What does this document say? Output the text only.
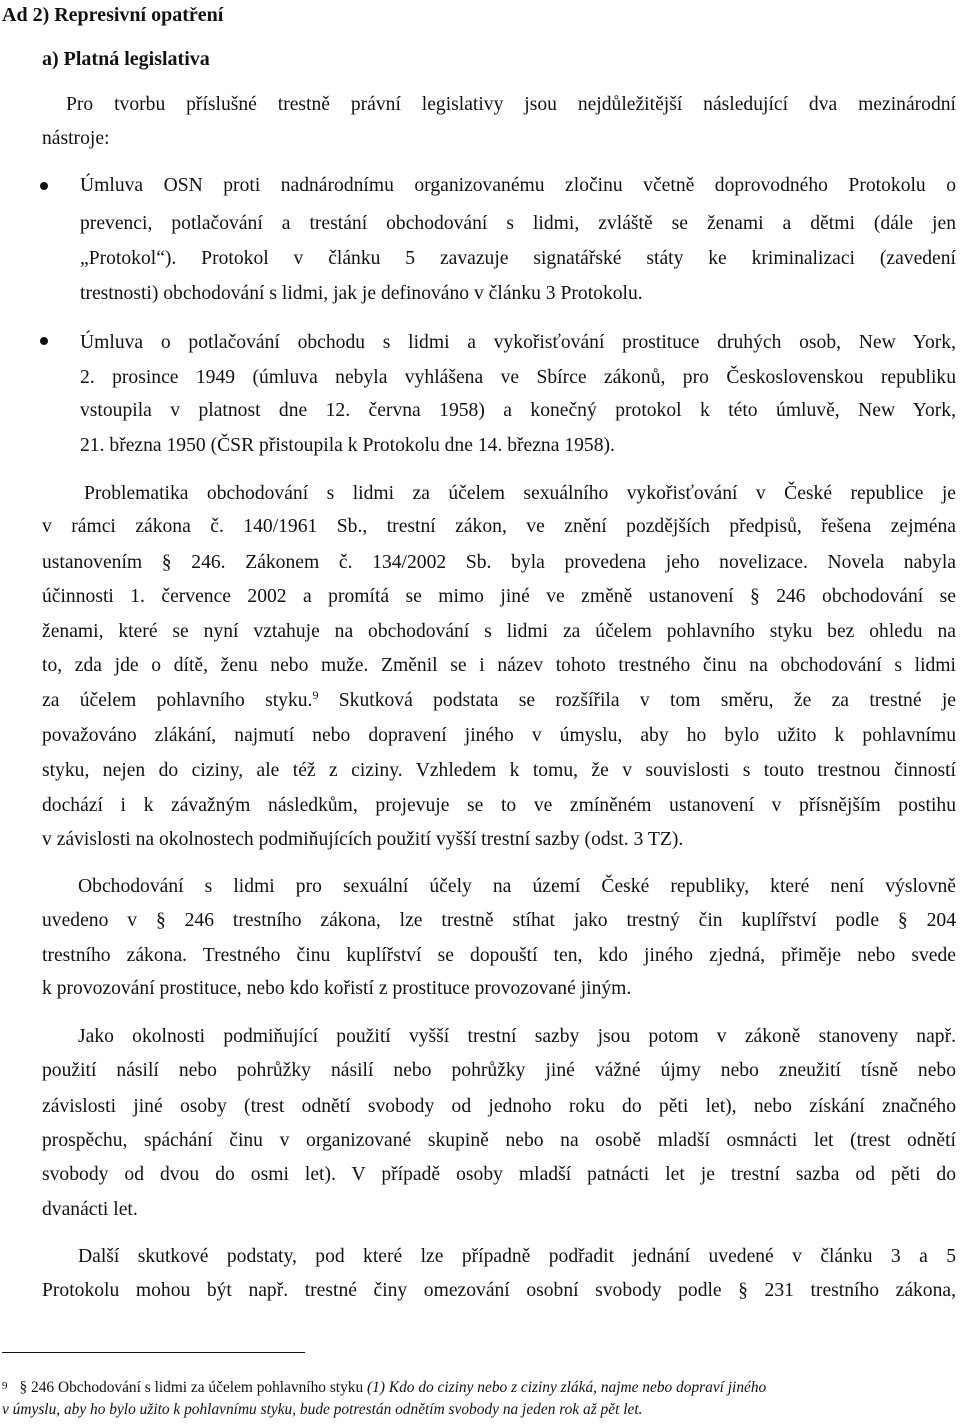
Ad 2) Represivní opatření
a) Platná legislativa
Pro tvorbu příslušné trestně právní legislativy jsou nejdůležitější následující dva mezinárodní
nástroje:
Úmluva OSN proti nadnárodnímu organizovanému zločinu včetně doprovodného Protokolu o
prevenci, potlačování a trestání obchodování s lidmi, zvláště se ženami a dětmi (dále jen
„Protokol“). Protokol v článku 5 zavazuje signatářské státy ke kriminalizaci (zavedení
trestnosti) obchodování s lidmi, jak je definováno v článku 3 Protokolu.
Úmluva o potlačování obchodu s lidmi a vykořisťování prostituce druhých osob, New York,
2. prosince 1949 (úmluva nebyla vyhlášena ve Sbírce zákonů, pro Československou republiku
vstoupila v platnost dne 12. června 1958) a konečný protokol k této úmluvě, New York,
21. března 1950 (ČSR přistoupila k Protokolu dne 14. března 1958).
Problematika obchodování s lidmi za účelem sexuálního vykořisťování v České republice je
v rámci zákona č. 140/1961 Sb., trestní zákon, ve znění pozdějších předpisů, řešena zejména
ustanovením § 246. Zákonem č. 134/2002 Sb. byla provedena jeho novelizace. Novela nabyla
účinnosti 1. července 2002 a promítá se mimo jiné ve změně ustanovení § 246 obchodování se
ženami, které se nyní vztahuje na obchodování s lidmi za účelem pohlavního styku bez ohledu na
to, zda jde o dítě, ženu nebo muže. Změnil se i název tohoto trestného činu na obchodování s lidmi
za účelem pohlavního styku.$^9$ Skutková podstata se rozšířila v tom směru, že za trestné je
považováno zlákání, najmutí nebo dopravení jiného v úmyslu, aby ho bylo užito k pohlavnímu
styku, nejen do ciziny, ale též z ciziny. Vzhledem k tomu, že v souvislosti s touto trestnou činností
dochází i k závažným následkům, projevuje se to ve zmíněném ustanovení v přísnějším postihu
v závislosti na okolnostech podmiňujících použití vyšší trestní sazby (odst. 3 TZ).
Obchodování s lidmi pro sexuální účely na území České republiky, které není výslovně
uvedeno v § 246 trestního zákona, lze trestně stíhat jako trestný čin kuplířství podle § 204
trestního zákona. Trestného činu kuplířství se dopouští ten, kdo jiného zjedná, přiměje nebo svede
k provozování prostituce, nebo kdo kořistí z prostituce provozované jiným.
Jako okolnosti podmiňující použití vyšší trestní sazby jsou potom v zákoně stanoveny např.
použití násilí nebo pohrůžky násilí nebo pohrůžky jiné vážné újmy nebo zneužití tísně nebo
závislosti jiné osoby (trest odnětí svobody od jednoho roku do pěti let), nebo získání značného
prospěchu, spáchání činu v organizované skupině nebo na osobě mladší osmnácti let (trest odnětí
svobody od dvou do osmi let). V případě osoby mladší patnácti let je trestní sazba od pěti do
dvanácti let.
Další skutkové podstaty, pod které lze případně podřadit jednání uvedené v článku 3 a 5
Protokolu mohou být např. trestné činy omezování osobní svobody podle § 231 trestního zákona,
$^9$ § 246 Obchodování s lidmi za účelem pohlavního styku (1) Kdo do ciziny nebo z ciziny zláká, najme nebo dopraví jiného
v úmyslu, aby ho bylo užito k pohlavnímu styku, bude potrestán odnětím svobody na jeden rok až pět let.
